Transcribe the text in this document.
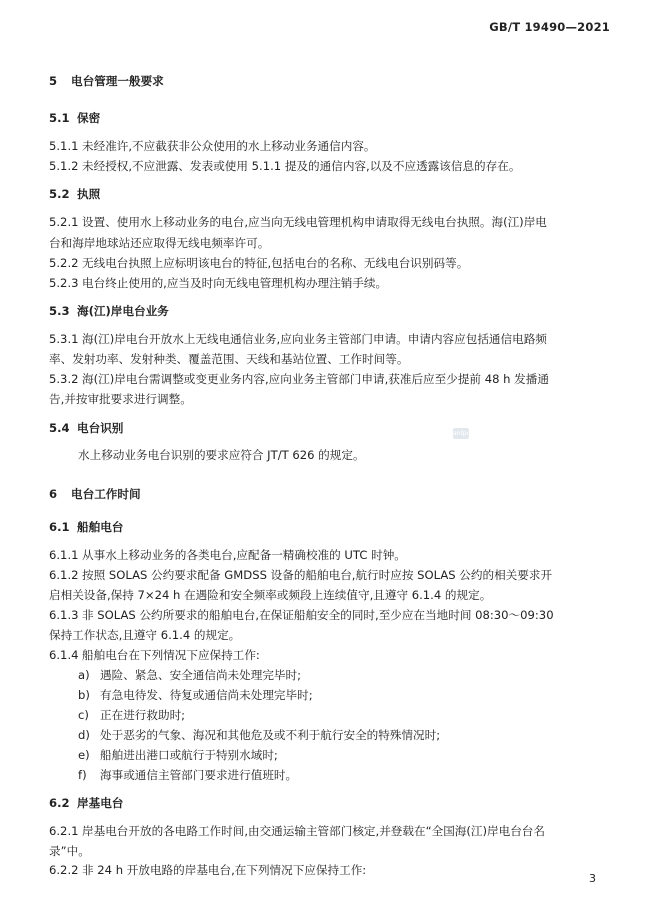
GB/T 19490—2021
5 电台管理一般要求
5.1 保密
5.1.1 未经准许,不应截获非公众使用的水上移动业务通信内容。
5.1.2 未经授权,不应泄露、发表或使用 5.1.1 提及的通信内容,以及不应透露该信息的存在。
5.2 执照
5.2.1 设置、使用水上移动业务的电台,应当向无线电管理机构申请取得无线电台执照。海(江)岸电
台和海岸地球站还应取得无线电频率许可。
5.2.2 无线电台执照上应标明该电台的特征,包括电台的名称、无线电台识别码等。
5.2.3 电台终止使用的,应当及时向无线电管理机构办理注销手续。
5.3 海(江)岸电台业务
5.3.1 海(江)岸电台开放水上无线电通信业务,应向业务主管部门申请。申请内容应包括通信电路频
率、发射功率、发射种类、覆盖范围、天线和基站位置、工作时间等。
5.3.2 海(江)岸电台需调整或变更业务内容,应向业务主管部门申请,获准后应至少提前 48 h 发播通
告,并按审批要求进行调整。
5.4 电台识别
水上移动业务电台识别的要求应符合 JT/T 626 的规定。
antpc
6 电台工作时间
6.1 船舶电台
6.1.1 从事水上移动业务的各类电台,应配备一精确校准的 UTC 时钟。
6.1.2 按照 SOLAS 公约要求配备 GMDSS 设备的船舶电台,航行时应按 SOLAS 公约的相关要求开
启相关设备,保持 7×24 h 在遇险和安全频率或频段上连续值守,且遵守 6.1.4 的规定。
6.1.3 非 SOLAS 公约所要求的船舶电台,在保证船舶安全的同时,至少应在当地时间 08:30～09:30
保持工作状态,且遵守 6.1.4 的规定。
6.1.4 船舶电台在下列情况下应保持工作:
a) 遇险、紧急、安全通信尚未处理完毕时;
b) 有急电待发、待复或通信尚未处理完毕时;
c) 正在进行救助时;
d) 处于恶劣的气象、海况和其他危及或不利于航行安全的特殊情况时;
e) 船舶进出港口或航行于特别水域时;
f) 海事或通信主管部门要求进行值班时。
6.2 岸基电台
6.2.1 岸基电台开放的各电路工作时间,由交通运输主管部门核定,并登载在“全国海(江)岸电台台名
录”中。
6.2.2 非 24 h 开放电路的岸基电台,在下列情况下应保持工作:
3
